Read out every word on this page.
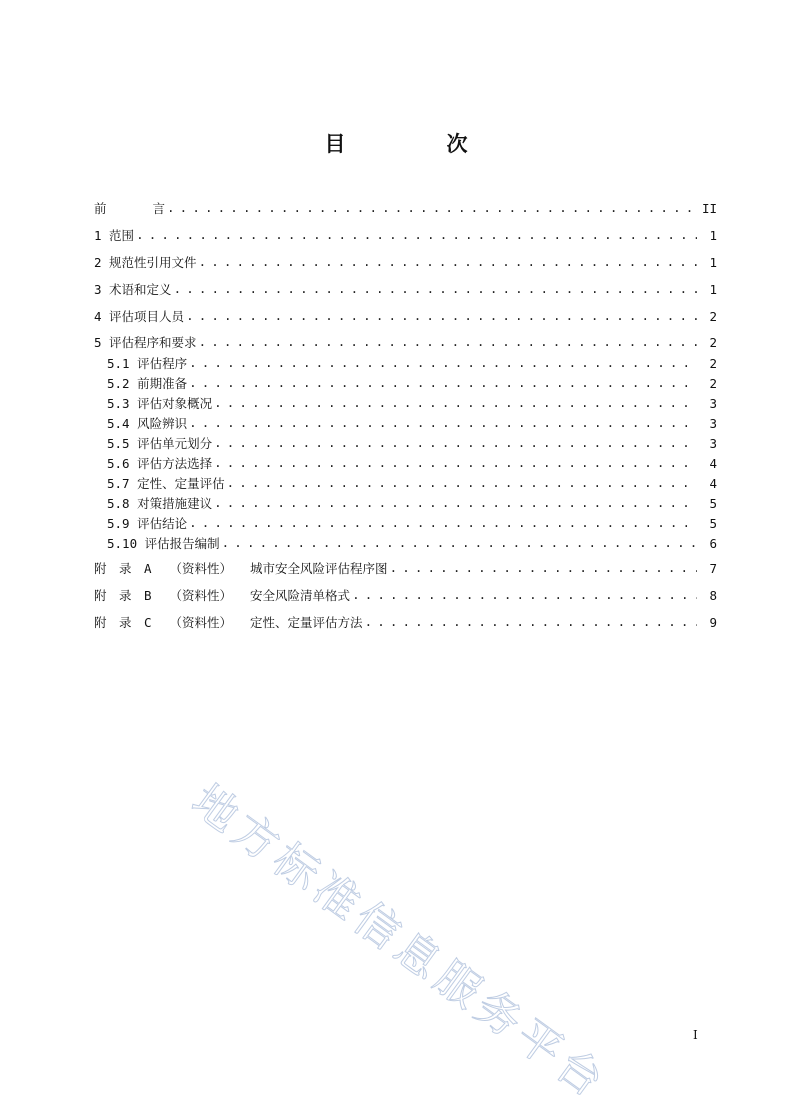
目　次
前	言 . . .	II
1 范围 . . .	1
2 规范性引用文件 . . .	1
3 术语和定义 . . .	1
4 评估项目人员 . . .	2
5 评估程序和要求 . . .	2
5.1 评估程序 . . .	2
5.2 前期准备 . . .	2
5.3 评估对象概况 . . .	3
5.4 风险辨识 . . .	3
5.5 评估单元划分 . . .	3
5.6 评估方法选择 . . .	4
5.7 定性、定量评估 . . .	4
5.8 对策措施建议 . . .	5
5.9 评估结论 . . .	5
5.10 评估报告编制 . . .	6
附　录　A （资料性） 城市安全风险评估程序图 . . .	7
附　录　B （资料性） 安全风险清单格式 . . .	8
附　录　C （资料性） 定性、定量评估方法 . . .	9
地方标准信息服务平台	I
